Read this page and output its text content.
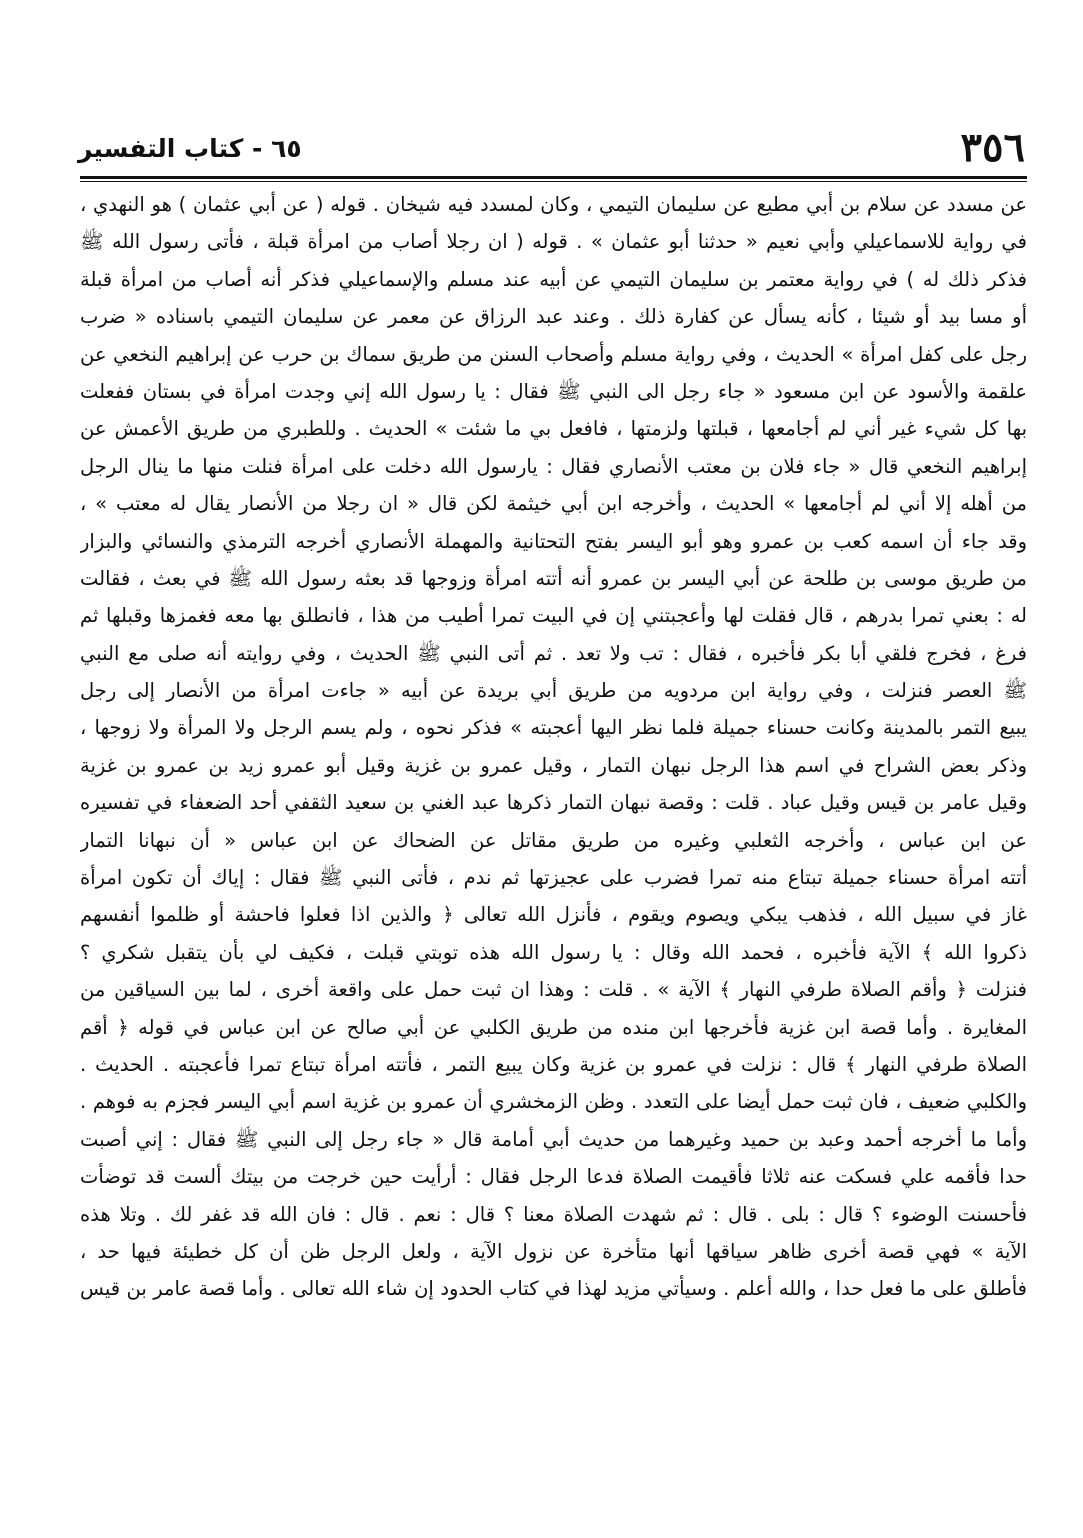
٣٥٦
٦٥ - كتاب التفسير
عن مسدد عن سلام بن أبي مطيع عن سليمان التيمي ، وكان لمسدد فيه شيخان . قوله ( عن أبي عثمان ) هو النهدي ،
في رواية للاسماعيلي وأبي نعيم « حدثنا أبو عثمان » . قوله ( ان رجلا أصاب من امرأة قبلة ، فأتى رسول الله ﷺ
فذكر ذلك له ) في رواية معتمر بن سليمان التيمي عن أبيه عند مسلم والإسماعيلي فذكر أنه أصاب من امرأة قبلة
أو مسا بيد أو شيئا ، كأنه يسأل عن كفارة ذلك . وعند عبد الرزاق عن معمر عن سليمان التيمي باسناده « ضرب
رجل على كفل امرأة » الحديث ، وفي رواية مسلم وأصحاب السنن من طريق سماك بن حرب عن إبراهيم النخعي عن
علقمة والأسود عن ابن مسعود « جاء رجل الى النبي ﷺ فقال : يا رسول الله إني وجدت امرأة في بستان ففعلت
بها كل شيء غير أني لم أجامعها ، قبلتها ولزمتها ، فافعل بي ما شئت » الحديث . وللطبري من طريق الأعمش عن
إبراهيم النخعي قال « جاء فلان بن معتب الأنصاري فقال : يارسول الله دخلت على امرأة فنلت منها ما ينال الرجل
من أهله إلا أني لم أجامعها » الحديث ، وأخرجه ابن أبي خيثمة لكن قال « ان رجلا من الأنصار يقال له معتب » ،
وقد جاء أن اسمه كعب بن عمرو وهو أبو اليسر بفتح التحتانية والمهملة الأنصاري أخرجه الترمذي والنسائي والبزار
من طريق موسى بن طلحة عن أبي اليسر بن عمرو أنه أتته امرأة وزوجها قد بعثه رسول الله ﷺ في بعث ، فقالت
له : بعني تمرا بدرهم ، قال فقلت لها وأعجبتني إن في البيت تمرا أطيب من هذا ، فانطلق بها معه فغمزها وقبلها ثم
فرغ ، فخرج فلقي أبا بكر فأخبره ، فقال : تب ولا تعد . ثم أتى النبي ﷺ الحديث ، وفي روايته أنه صلى مع النبي
ﷺ العصر فنزلت ، وفي رواية ابن مردويه من طريق أبي بريدة عن أبيه « جاءت امرأة من الأنصار إلى رجل
يبيع التمر بالمدينة وكانت حسناء جميلة فلما نظر اليها أعجبته » فذكر نحوه ، ولم يسم الرجل ولا المرأة ولا زوجها ،
وذكر بعض الشراح في اسم هذا الرجل نبهان التمار ، وقيل عمرو بن غزية وقيل أبو عمرو زيد بن عمرو بن غزية
وقيل عامر بن قيس وقيل عباد . قلت : وقصة نبهان التمار ذكرها عبد الغني بن سعيد الثقفي أحد الضعفاء في تفسيره
عن ابن عباس ، وأخرجه الثعلبي وغيره من طريق مقاتل عن الضحاك عن ابن عباس « أن نبهانا التمار
أتته امرأة حسناء جميلة تبتاع منه تمرا فضرب على عجيزتها ثم ندم ، فأتى النبي ﷺ فقال : إياك أن تكون امرأة
غاز في سبيل الله ، فذهب يبكي ويصوم ويقوم ، فأنزل الله تعالى ﴿ والذين اذا فعلوا فاحشة أو ظلموا أنفسهم
ذكروا الله ﴾ الآية فأخبره ، فحمد الله وقال : يا رسول الله هذه توبتي قبلت ، فكيف لي بأن يتقبل شكري ؟
فنزلت ﴿ وأقم الصلاة طرفي النهار ﴾ الآية » . قلت : وهذا ان ثبت حمل على واقعة أخرى ، لما بين السياقين من
المغايرة . وأما قصة ابن غزية فأخرجها ابن منده من طريق الكلبي عن أبي صالح عن ابن عباس في قوله ﴿ أقم
الصلاة طرفي النهار ﴾ قال : نزلت في عمرو بن غزية وكان يبيع التمر ، فأتته امرأة تبتاع تمرا فأعجبته . الحديث .
والكلبي ضعيف ، فان ثبت حمل أيضا على التعدد . وظن الزمخشري أن عمرو بن غزية اسم أبي اليسر فجزم به فوهم .
وأما ما أخرجه أحمد وعبد بن حميد وغيرهما من حديث أبي أمامة قال « جاء رجل إلى النبي ﷺ فقال : إني أصبت
حدا فأقمه علي فسكت عنه ثلاثا فأقيمت الصلاة فدعا الرجل فقال : أرأيت حين خرجت من بيتك ألست قد توضأت
فأحسنت الوضوء ؟ قال : بلى . قال : ثم شهدت الصلاة معنا ؟ قال : نعم . قال : فان الله قد غفر لك . وتلا هذه
الآية » فهي قصة أخرى ظاهر سياقها أنها متأخرة عن نزول الآية ، ولعل الرجل ظن أن كل خطيئة فيها حد ،
فأطلق على ما فعل حدا ، والله أعلم . وسيأتي مزيد لهذا في كتاب الحدود إن شاء الله تعالى . وأما قصة عامر بن قيس
